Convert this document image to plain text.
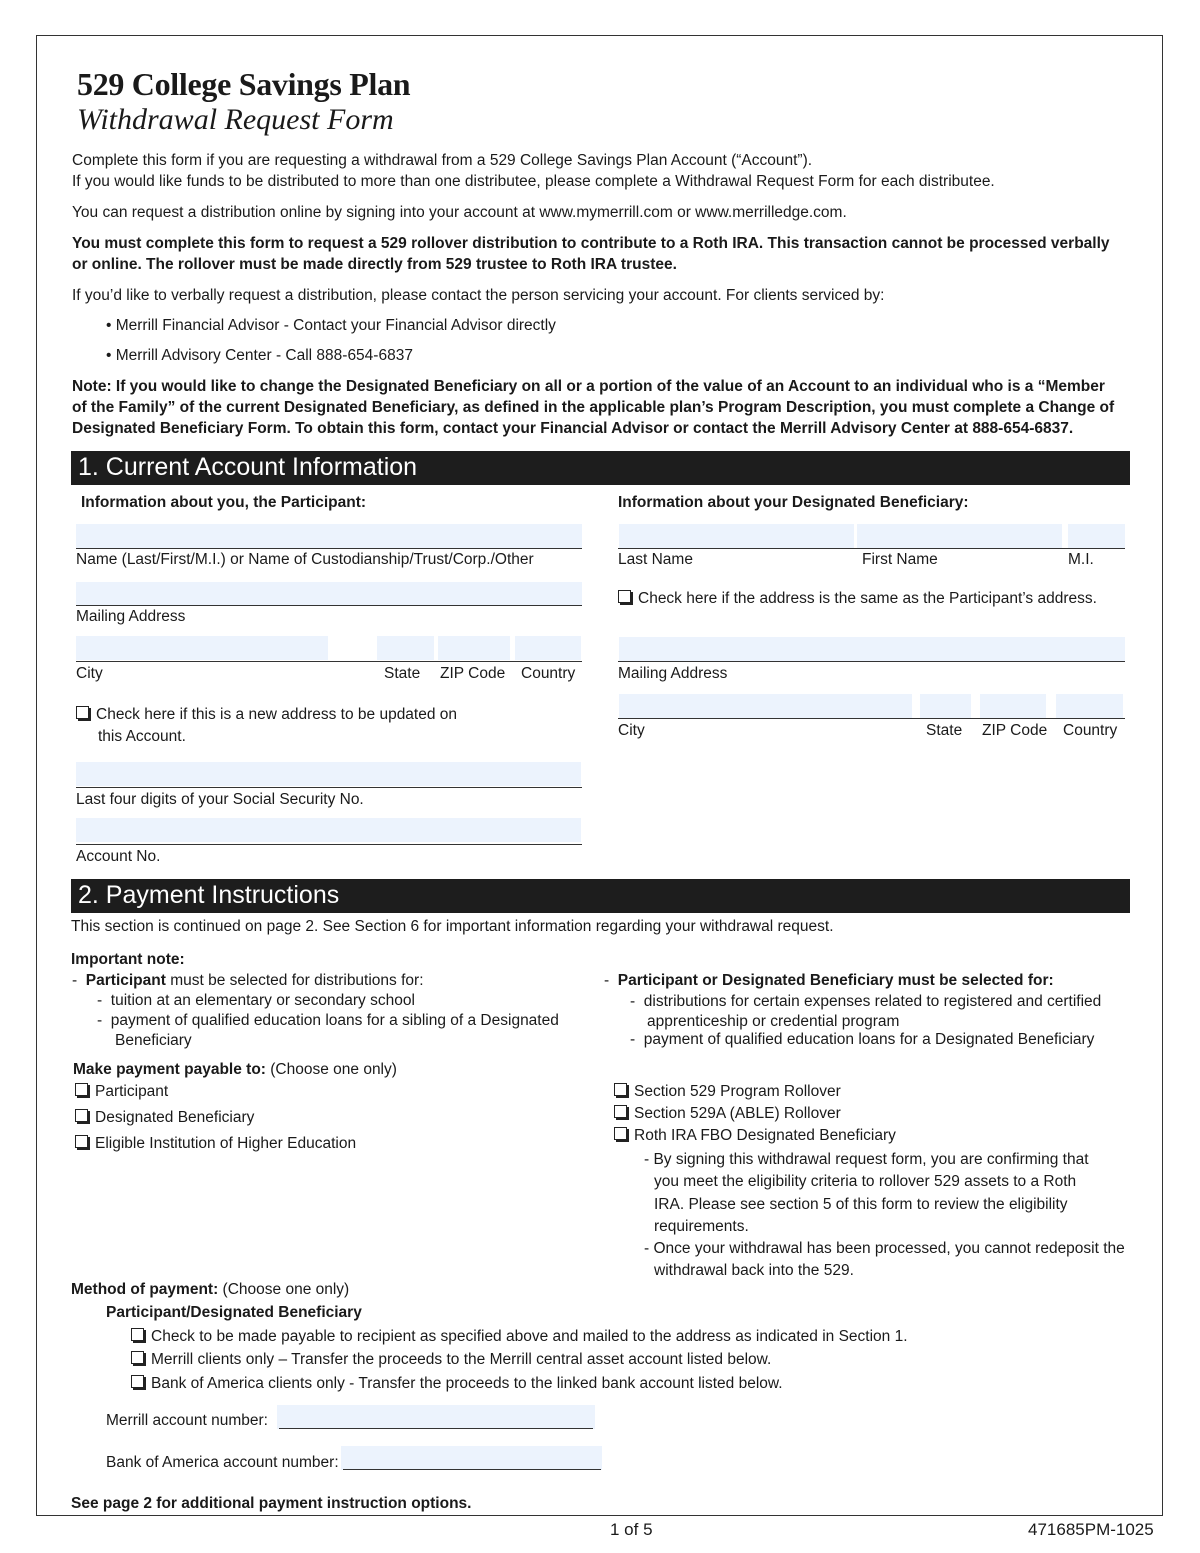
529 College Savings Plan
Withdrawal Request Form
Complete this form if you are requesting a withdrawal from a 529 College Savings Plan Account (“Account”).
If you would like funds to be distributed to more than one distributee, please complete a Withdrawal Request Form for each distributee.
You can request a distribution online by signing into your account at www.mymerrill.com or www.merrilledge.com.
You must complete this form to request a 529 rollover distribution to contribute to a Roth IRA. This transaction cannot be processed verbally
or online. The rollover must be made directly from 529 trustee to Roth IRA trustee.
If you’d like to verbally request a distribution, please contact the person servicing your account. For clients serviced by:
• Merrill Financial Advisor - Contact your Financial Advisor directly
• Merrill Advisory Center - Call 888-654-6837
Note: If you would like to change the Designated Beneficiary on all or a portion of the value of an Account to an individual who is a “Member
of the Family” of the current Designated Beneficiary, as defined in the applicable plan’s Program Description, you must complete a Change of
Designated Beneficiary Form. To obtain this form, contact your Financial Advisor or contact the Merrill Advisory Center at 888-654-6837.
1. Current Account Information
Information about you, the Participant:	Information about your Designated Beneficiary:
Name (Last/First/M.I.) or Name of Custodianship/Trust/Corp./Other
Mailing Address
City	State ZIP Code Country
Check here if this is a new address to be updated on
this Account.
Last four digits of your Social Security No.
Account No.
Last Name	First Name	M.I.
Check here if the address is the same as the Participant’s address.
Mailing Address
City	State ZIP Code Country
2. Payment Instructions
This section is continued on page 2. See Section 6 for important information regarding your withdrawal request.
Important note:
- Participant must be selected for distributions for:
-  tuition at an elementary or secondary school
-  payment of qualified education loans for a sibling of a Designated
Beneficiary
- Participant or Designated Beneficiary must be selected for:
-  distributions for certain expenses related to registered and certified
apprenticeship or credential program
-  payment of qualified education loans for a Designated Beneficiary
Make payment payable to: (Choose one only)
Participant
Designated Beneficiary
Eligible Institution of Higher Education
Section 529 Program Rollover
Section 529A (ABLE) Rollover
Roth IRA FBO Designated Beneficiary
- By signing this withdrawal request form, you are confirming that
you meet the eligibility criteria to rollover 529 assets to a Roth
IRA. Please see section 5 of this form to review the eligibility
requirements.
- Once your withdrawal has been processed, you cannot redeposit the
withdrawal back into the 529.
Method of payment: (Choose one only)
Participant/Designated Beneficiary
Check to be made payable to recipient as specified above and mailed to the address as indicated in Section 1.
Merrill clients only – Transfer the proceeds to the Merrill central asset account listed below.
Bank of America clients only - Transfer the proceeds to the linked bank account listed below.
Merrill account number:
Bank of America account number:
See page 2 for additional payment instruction options.
1 of 5	471685PM-1025
